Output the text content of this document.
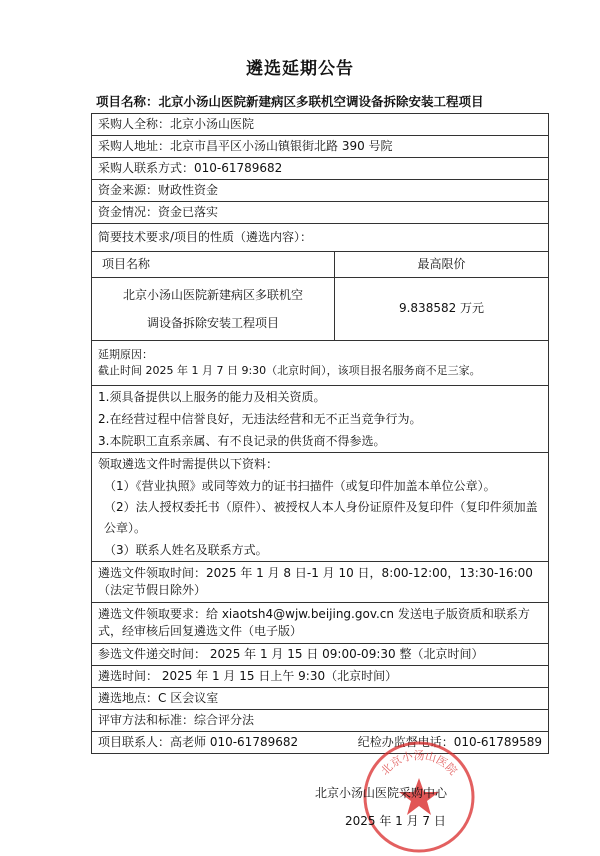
遴选延期公告
项目名称：北京小汤山医院新建病区多联机空调设备拆除安装工程项目
采购人全称：北京小汤山医院	
采购人地址：北京市昌平区小汤山镇银街北路 390 号院	
采购人联系方式：010-61789682	
资金来源：财政性资金	
资金情况：资金已落实	
简要技术要求/项目的性质（遴选内容）：	
项目名称	最高限价

北京小汤山医院新建病区多联机空
调设备拆除安装工程项目	9.838582 万元

延期原因：
截止时间 2025 年 1 月 7 日 9:30（北京时间），该项目报名服务商不足三家。	

1.须具备提供以上服务的能力及相关资质。
2.在经营过程中信誉良好，无违法经营和无不正当竞争行为。
3.本院职工直系亲属、有不良记录的供货商不得参选。	

领取遴选文件时需提供以下资料：
（1）《营业执照》或同等效力的证书扫描件（或复印件加盖本单位公章）。
（2）法人授权委托书（原件）、被授权人本人身份证原件及复印件（复印件须加盖公章）。
（3）联系人姓名及联系方式。	

遴选文件领取时间：2025 年 1 月 8 日-1 月 10 日，8:00-12:00，13:30-16:00（法定节假日除外）	
遴选文件领取要求：给 xiaotsh4@wjw.beijing.gov.cn 发送电子版资质和联系方式，经审核后回复遴选文件（电子版）	
参选文件递交时间： 2025 年 1 月 15 日 09:00-09:30 整（北京时间）	
遴选时间： 2025 年 1 月 15 日上午 9:30（北京时间）	
遴选地点：C 区会议室	
评审方法和标准：综合评分法	
项目联系人：高老师 010-61789682	纪检办监督电话：010-61789589
北京小汤山医院
北京小汤山医院采购中心
2025 年 1 月 7 日
